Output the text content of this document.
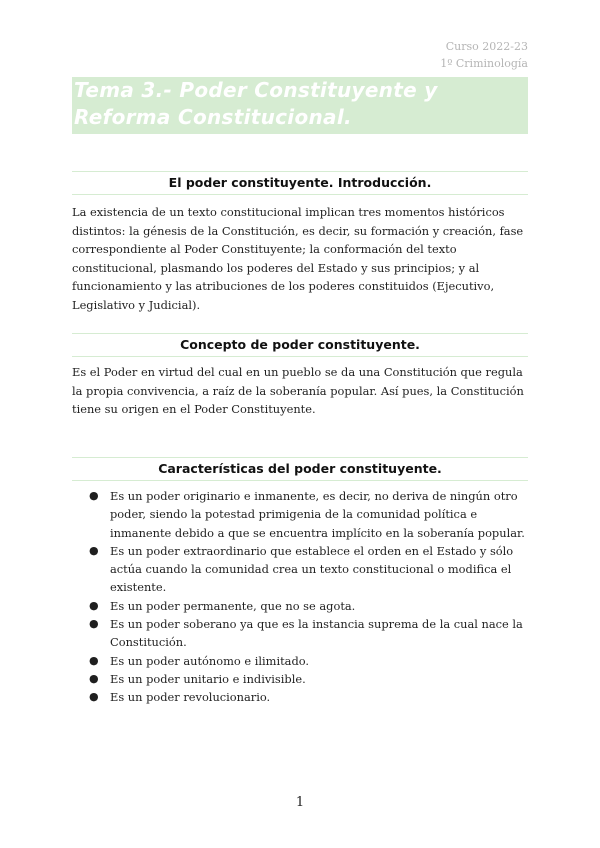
Curso 2022-23
1º Criminología
Tema 3.- Poder Constituyente y
Reforma Constitucional.
El poder constituyente. Introducción.
La existencia de un texto constitucional implican tres momentos históricos distintos: la génesis de la Constitución, es decir, su formación y creación, fase correspondiente al Poder Constituyente; la conformación del texto constitucional, plasmando los poderes del Estado y sus principios; y al funcionamiento y las atribuciones de los poderes constituidos (Ejecutivo, Legislativo y Judicial).
Concepto de poder constituyente.
Es el Poder en virtud del cual en un pueblo se da una Constitución que regula la propia convivencia, a raíz de la soberanía popular. Así pues, la Constitución tiene su origen en el Poder Constituyente.
Características del poder constituyente.
● Es un poder originario e inmanente, es decir, no deriva de ningún otro poder, siendo la potestad primigenia de la comunidad política e inmanente debido a que se encuentra implícito en la soberanía popular.
● Es un poder extraordinario que establece el orden en el Estado y sólo actúa cuando la comunidad crea un texto constitucional o modifica el existente.
● Es un poder permanente, que no se agota.
● Es un poder soberano ya que es la instancia suprema de la cual nace la Constitución.
● Es un poder autónomo e ilimitado.
● Es un poder unitario e indivisible.
● Es un poder revolucionario.
1
